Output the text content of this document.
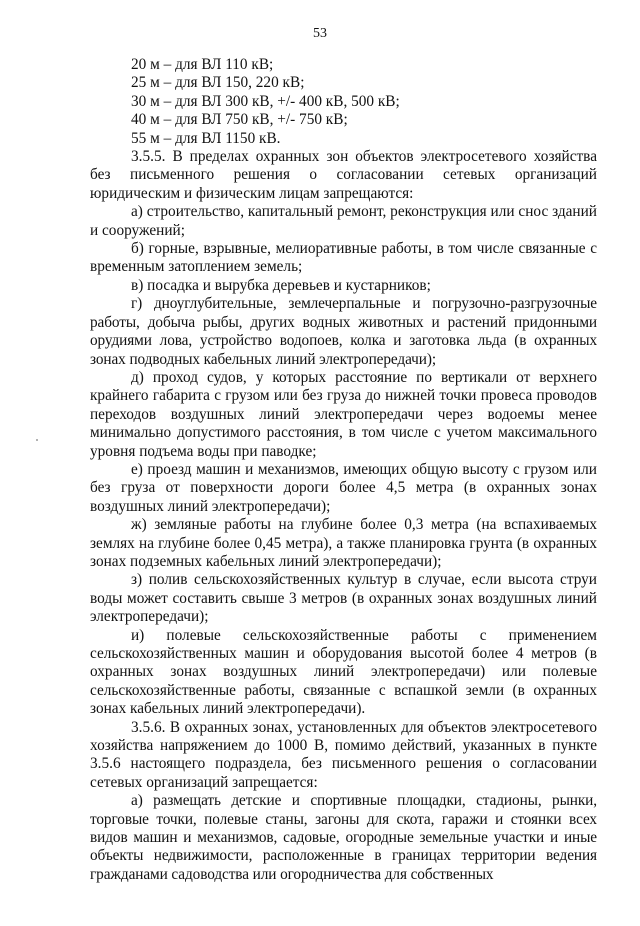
53
20 м – для ВЛ 110 кВ;
25 м – для ВЛ 150, 220 кВ;
30 м – для ВЛ 300 кВ, +/- 400 кВ, 500 кВ;
40 м – для ВЛ 750 кВ, +/- 750 кВ;
55 м – для ВЛ 1150 кВ.

3.5.5. В пределах охранных зон объектов электросетевого хозяйства без письменного решения о согласовании сетевых организаций юридическим и физическим лицам запрещаются:

а) строительство, капитальный ремонт, реконструкция или снос зданий и сооружений;

б) горные, взрывные, мелиоративные работы, в том числе связанные с временным затоплением земель;

в) посадка и вырубка деревьев и кустарников;

г) дноуглубительные, землечерпальные и погрузочно-разгрузочные работы, добыча рыбы, других водных животных и растений придонными орудиями лова, устройство водопоев, колка и заготовка льда (в охранных зонах подводных кабельных линий электропередачи);

д) проход судов, у которых расстояние по вертикали от верхнего крайнего габарита с грузом или без груза до нижней точки провеса проводов переходов воздушных линий электропередачи через водоемы менее минимально допустимого расстояния, в том числе с учетом максимального уровня подъема воды при паводке;

е) проезд машин и механизмов, имеющих общую высоту с грузом или без груза от поверхности дороги более 4,5 метра (в охранных зонах воздушных линий электропередачи);

ж) земляные работы на глубине более 0,3 метра (на вспахиваемых землях на глубине более 0,45 метра), а также планировка грунта (в охранных зонах подземных кабельных линий электропередачи);

з) полив сельскохозяйственных культур в случае, если высота струи воды может составить свыше 3 метров (в охранных зонах воздушных линий электропередачи);

и) полевые сельскохозяйственные работы с применением сельскохозяйственных машин и оборудования высотой более 4 метров (в охранных зонах воздушных линий электропередачи) или полевые сельскохозяйственные работы, связанные с вспашкой земли (в охранных зонах кабельных линий электропередачи).

3.5.6. В охранных зонах, установленных для объектов электросетевого хозяйства напряжением до 1000 В, помимо действий, указанных в пункте 3.5.6 настоящего подраздела, без письменного решения о согласовании сетевых организаций запрещается:

а) размещать детские и спортивные площадки, стадионы, рынки, торговые точки, полевые станы, загоны для скота, гаражи и стоянки всех видов машин и механизмов, садовые, огородные земельные участки и иные объекты недвижимости, расположенные в границах территории ведения гражданами садоводства или огородничества для собственных
